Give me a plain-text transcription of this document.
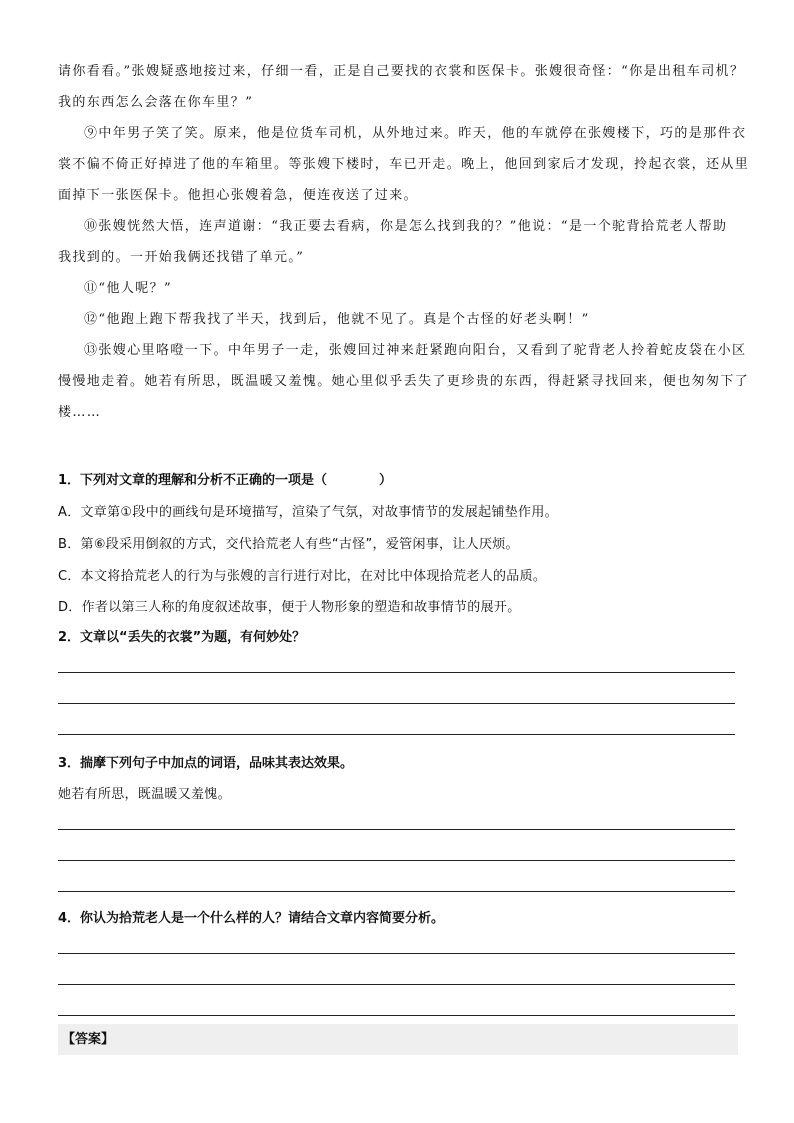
请你看看。”张嫂疑惑地接过来，仔细一看，正是自己要找的衣裳和医保卡。张嫂很奇怪：“你是出租车司机？

我的东西怎么会落在你车里？”

⑨中年男子笑了笑。原来，他是位货车司机，从外地过来。昨天，他的车就停在张嫂楼下，巧的是那件衣

裳不偏不倚正好掉进了他的车箱里。等张嫂下楼时，车已开走。晚上，他回到家后才发现，拎起衣裳，还从里

面掉下一张医保卡。他担心张嫂着急，便连夜送了过来。

⑩张嫂恍然大悟，连声道谢：“我正要去看病，你是怎么找到我的？”他说：“是一个驼背拾荒老人帮助

我找到的。一开始我俩还找错了单元。”

⑪“他人呢？”

⑫“他跑上跑下帮我找了半天，找到后，他就不见了。真是个古怪的好老头啊！”

⑬张嫂心里咯噔一下。中年男子一走，张嫂回过神来赶紧跑向阳台，又看到了驼背老人拎着蛇皮袋在小区

慢慢地走着。她若有所思，既温暖又羞愧。她心里似乎丢失了更珍贵的东西，得赶紧寻找回来，便也匆匆下了

楼……

1．下列对文章的理解和分析不正确的一项是（　　　　）
A．文章第①段中的画线句是环境描写，渲染了气氛，对故事情节的发展起铺垫作用。
B．第⑥段采用倒叙的方式，交代拾荒老人有些“古怪”，爱管闲事，让人厌烦。
C．本文将拾荒老人的行为与张嫂的言行进行对比，在对比中体现拾荒老人的品质。
D．作者以第三人称的角度叙述故事，便于人物形象的塑造和故事情节的展开。
2．文章以“丢失的衣裳”为题，有何妙处？
3．揣摩下列句子中加点的词语，品味其表达效果。
她若有所思，既温暖又羞愧。
4．你认为拾荒老人是一个什么样的人？请结合文章内容简要分析。
【答案】
